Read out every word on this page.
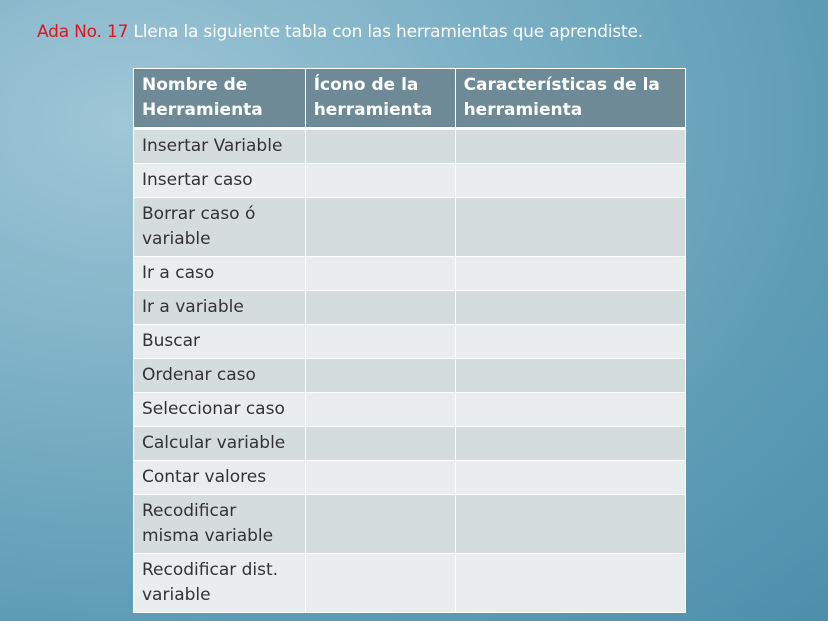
Ada No. 17 Llena la siguiente tabla con las herramientas que aprendiste.
Nombre de Herramienta	Ícono de la herramienta	Características de la herramienta
Insertar Variable		
Insertar caso		
Borrar caso ó variable		
Ir a caso		
Ir a variable		
Buscar		
Ordenar caso		
Seleccionar caso		
Calcular variable		
Contar valores		
Recodificar misma variable		
Recodificar dist. variable		
